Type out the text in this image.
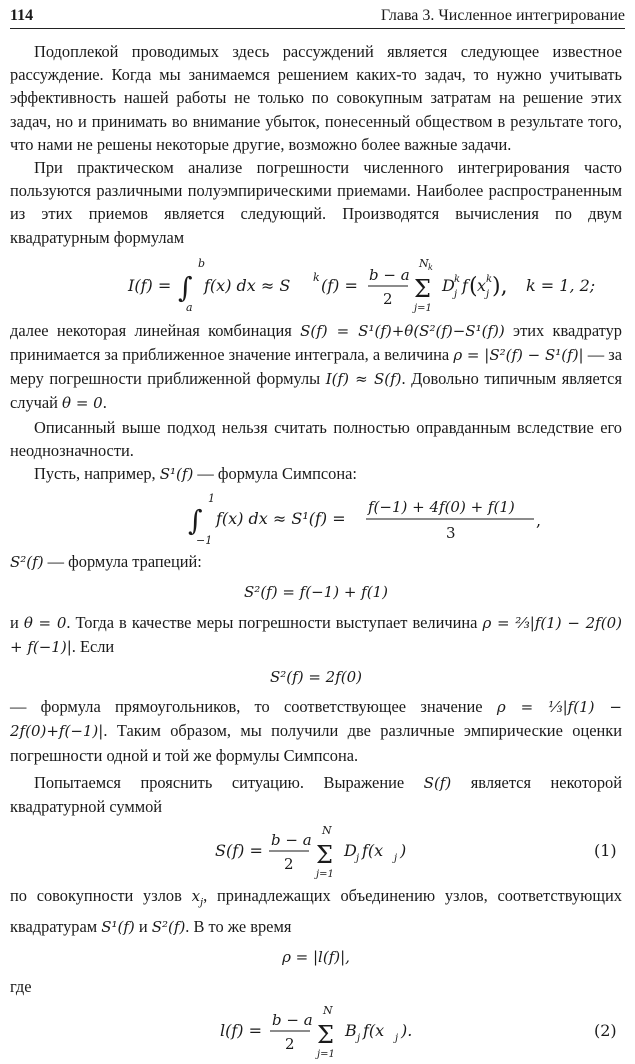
114	Глава 3. Численное интегрирование

Подоплекой проводимых здесь рассуждений является следующее известное рассуждение. Когда мы занимаемся решением каких-то задач, то нужно учитывать эффективность нашей работы не только по совокупным затратам на решение этих задач, но и принимать во внимание убыток, понесенный обществом в результате того, что нами не решены некоторые другие, возможно более важные задачи.

При практическом анализе погрешности численного интегрирования часто пользуются различными полуэмпирическими приемами. Наиболее распространенным из этих приемов является следующий. Производятся вычисления по двум квадратурным формулам

I(f) = ∫
b
a
f(x) dx ≈ S k (f) =
b − a
2 Σ
N k
j=1
D k
j f ( x k
j ), k = 1, 2;

далее некоторая линейная комбинация S(f) = S¹(f)+θ(S²(f)−S¹(f)) этих квадратур принимается за приближенное значение интеграла, а величина ρ = |S²(f) − S¹(f)| — за меру погрешности приближенной формулы I(f) ≈ S(f). Довольно типичным является случай θ = 0.

Описанный выше подход нельзя считать полностью оправданным вследствие его неоднозначности.

Пусть, например, S¹(f) — формула Симпсона:

∫
1
−1
f(x) dx ≈ S¹(f) =
f(−1) + 4f(0) + f(1)
3
,

S²(f) — формула трапеций:

S²(f) = f(−1) + f(1)

и θ = 0. Тогда в качестве меры погрешности выступает величина ρ = ⅔|f(1) − 2f(0) + f(−1)|. Если

S²(f) = 2f(0)

— формула прямоугольников, то соответствующее значение ρ = ⅓|f(1) − 2f(0)+f(−1)|. Таким образом, мы получили две различные эмпирические оценки погрешности одной и той же формулы Симпсона.

Попытаемся прояснить ситуацию. Выражение S(f) является некоторой квадратурной суммой

S(f) =
b − a
2 Σ
N
j=1
D j f(x j )	(1)

по совокупности узлов $x_j$, принадлежащих объединению узлов, соответствующих квадратурам S¹(f) и S²(f). В то же время

ρ = |l(f)|,

где

l(f) =
b − a
2 Σ
N
j=1
B j f(x j ).	(2)
